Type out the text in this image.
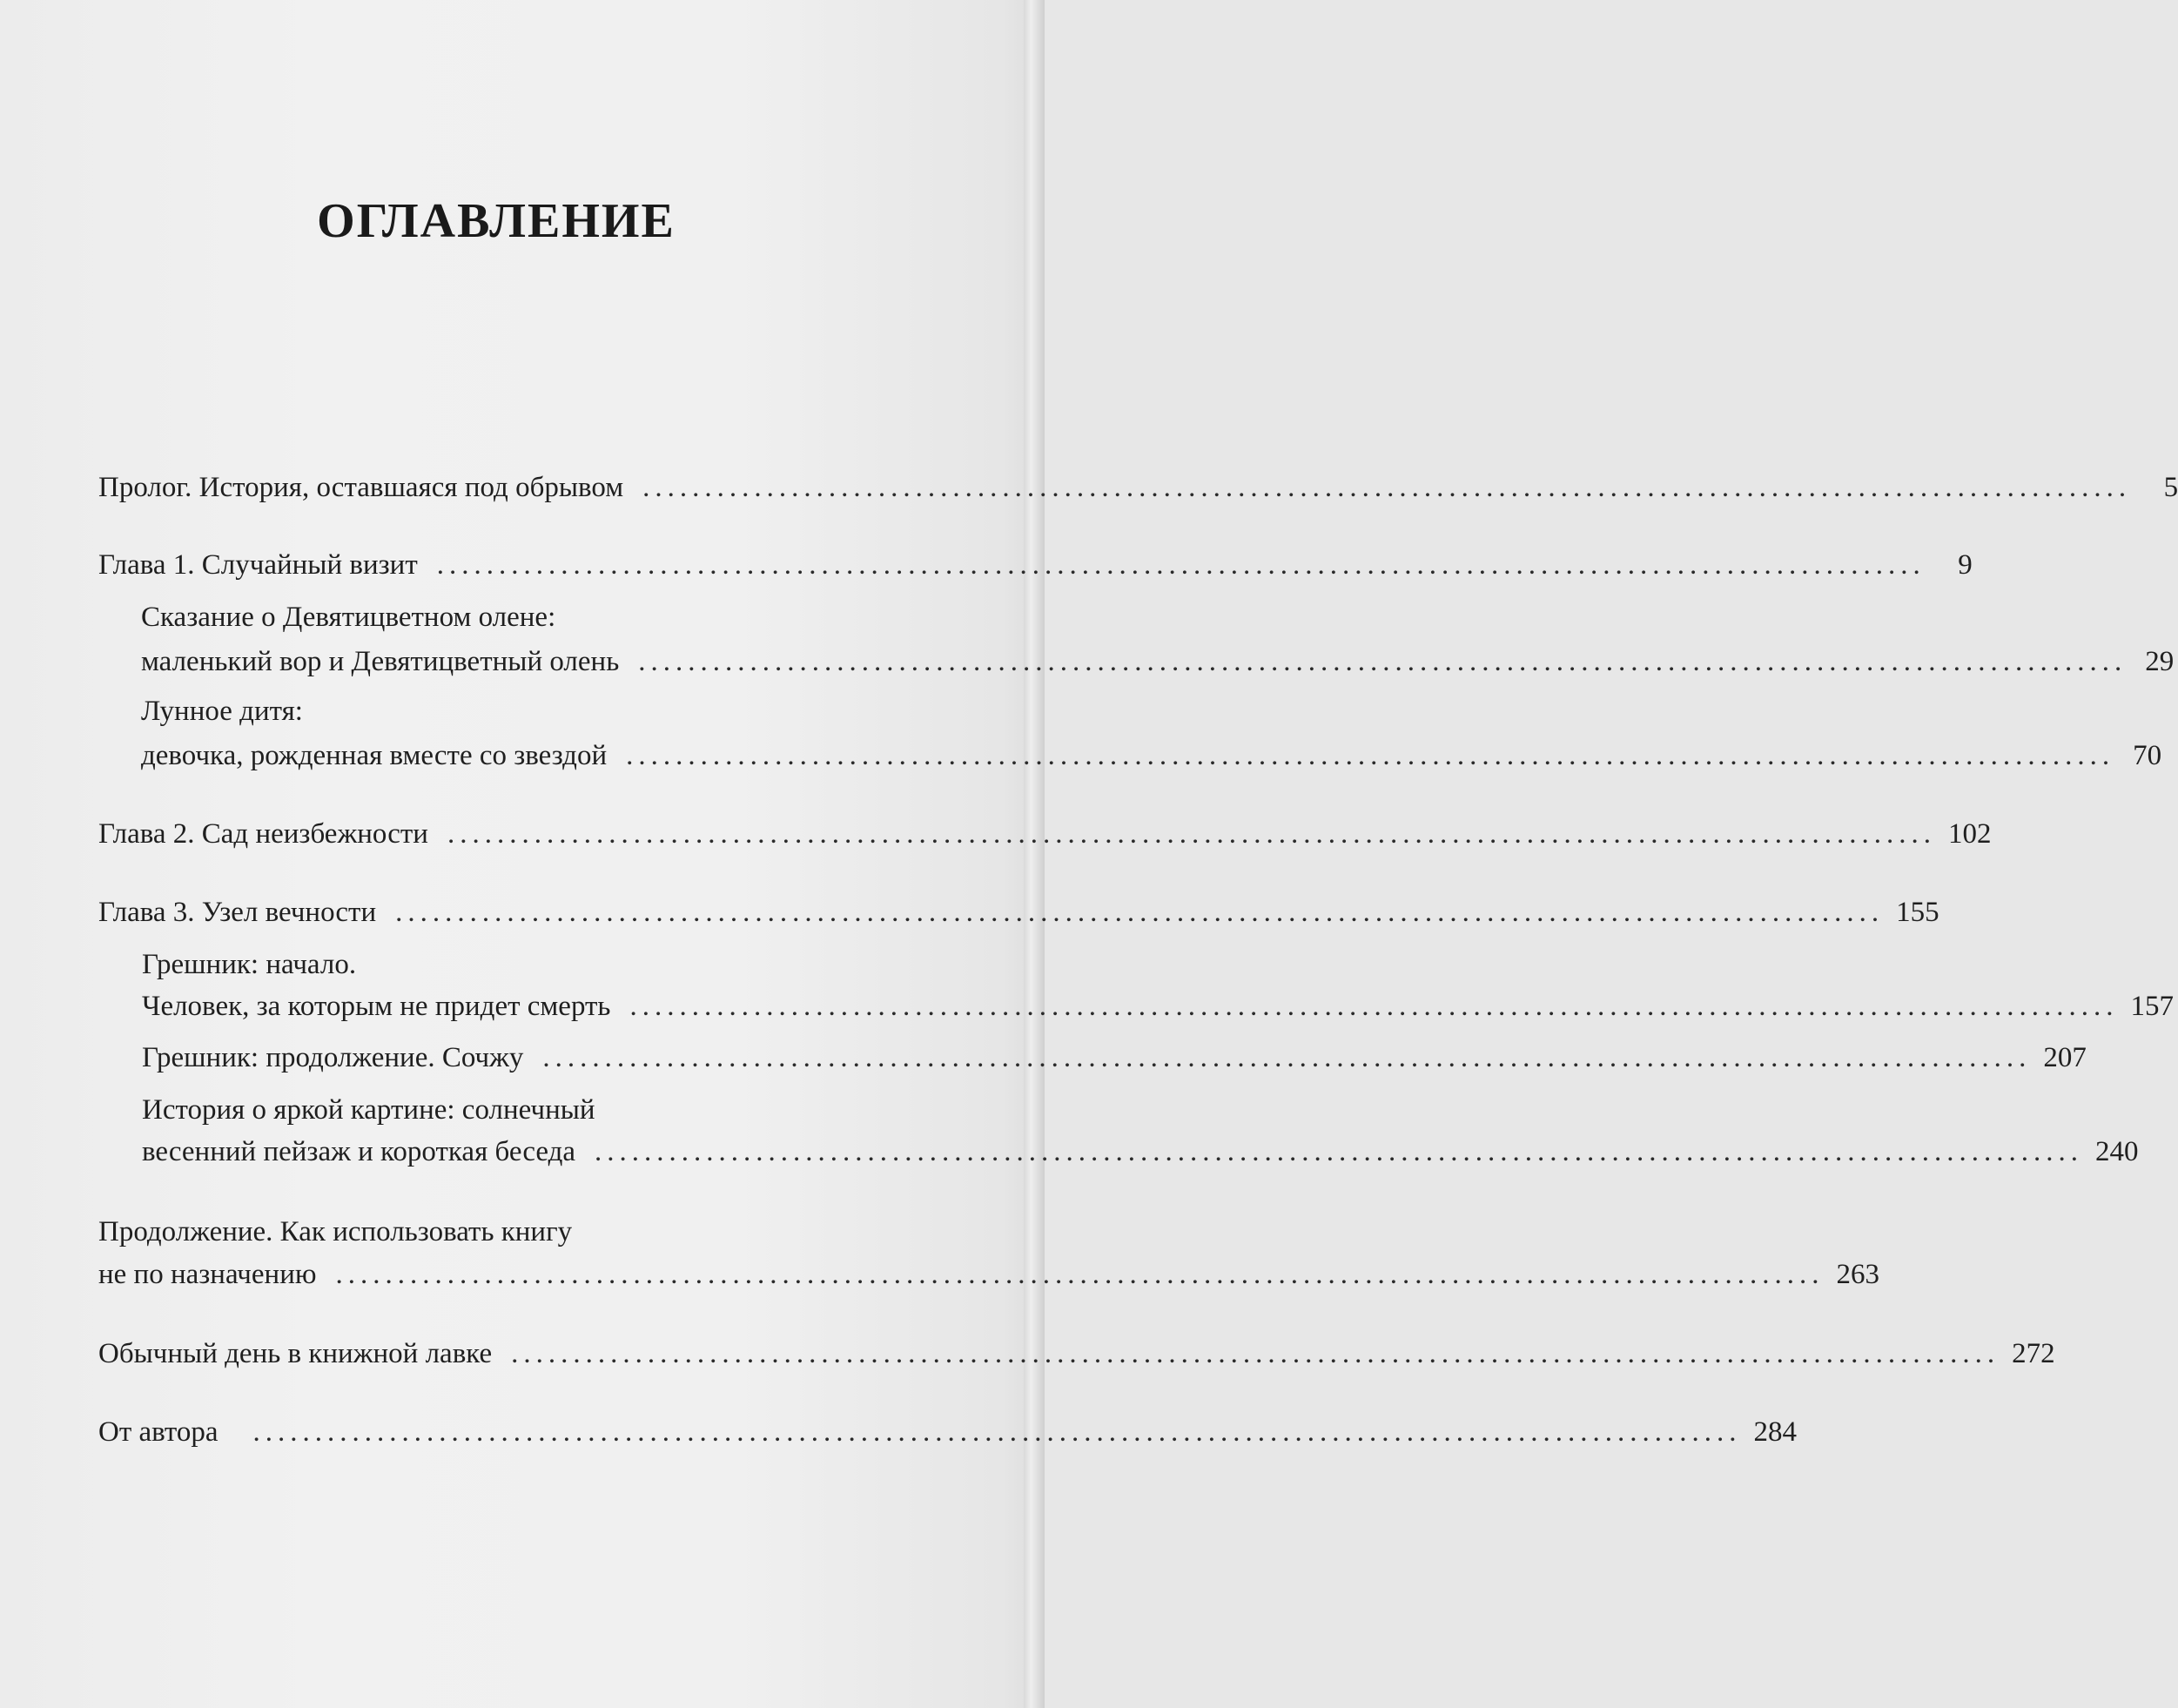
ОГЛАВЛЕНИЕ
Пролог. История, оставшаяся под обрывом ........................................................................................................................	5
Глава 1. Случайный визит ........................................................................................................................	9
Сказание о Девятицветном олене:
маленький вор и Девятицветный олень ........................................................................................................................ 29
Лунное дитя:
девочка, рожденная вместе со звездой ........................................................................................................................ 70
Глава 2. Сад неизбежности ........................................................................................................................ 102
Глава 3. Узел вечности ........................................................................................................................ 155
Грешник: начало.
Человек, за которым не придет смерть ........................................................................................................................ 157
Грешник: продолжение. Сочжу ........................................................................................................................ 207
История о яркой картине: солнечный
весенний пейзаж и короткая беседа ........................................................................................................................ 240
Продолжение. Как использовать книгу
не по назначению ........................................................................................................................ 263
Обычный день в книжной лавке ........................................................................................................................ 272
От автора ........................................................................................................................ 284
